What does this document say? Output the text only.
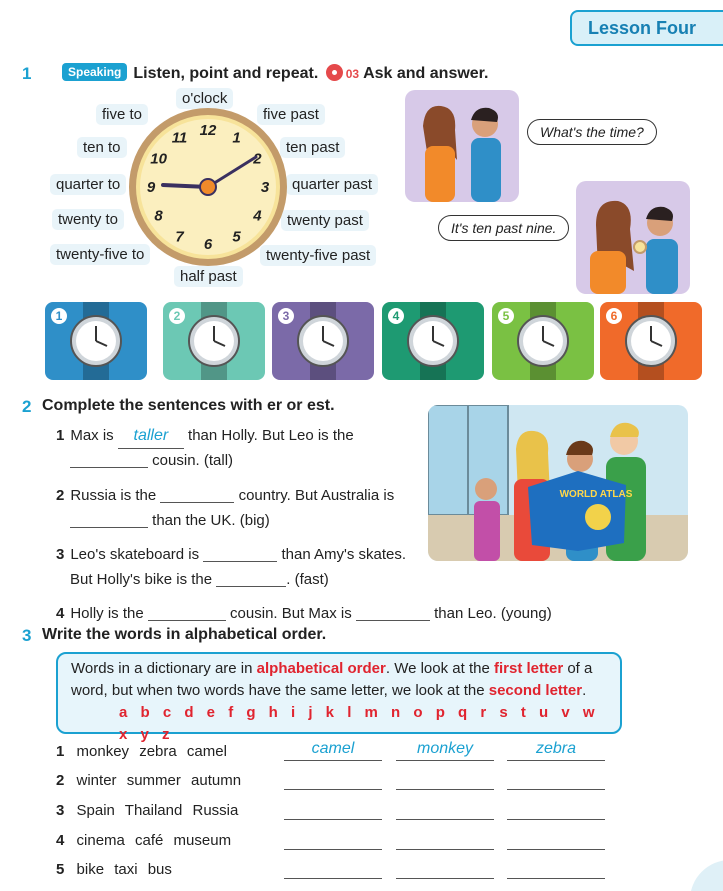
Lesson Four
1	Speaking Listen, point and repeat. 03 Ask and answer.
o'clock
five to	five past
ten to	ten past
quarter to	quarter past
twenty to	twenty past
twenty-five to	twenty-five past
half past
12 1
2
3
4
5
6
7
8
9
10
11	What's the time?
It's ten past nine.
1	2	3	4	5	6
2 Complete the sentences with er or est.
1 Max is taller than Holly. But Leo is the
cousin. (tall)
2 Russia is the	country. But Australia is
than the UK. (big)
3 Leo's skateboard is	than Amy's skates.
But Holly's bike is the	. (fast)
4 Holly is the	cousin. But Max is	than Leo. (young)
WORLD ATLAS
3 Write the words in alphabetical order.
Words in a dictionary are in alphabetical order. We look at the first letter of a word, but when two words have the same letter, we look at the second letter.
a b c d e f g h i j k l m n o p q r s t u v w x y z
1 monkey zebra camel	camel	monkey	zebra
2 winter summer autumn
3 Spain Thailand Russia
4 cinema café museum
5 bike taxi bus
